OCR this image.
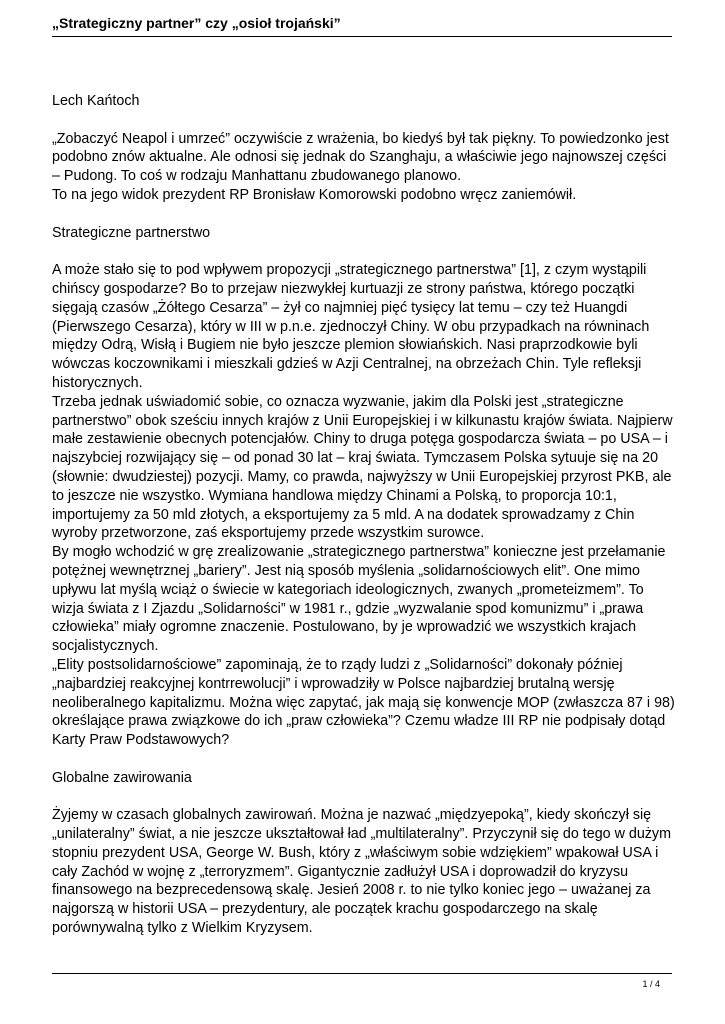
„Strategiczny partner” czy „osioł trojański”

Lech Kańtoch

„Zobaczyć Neapol i umrzeć” oczywiście z wrażenia, bo kiedyś był tak piękny. To powiedzonko jest podobno znów aktualne. Ale odnosi się jednak do Szanghaju, a właściwie jego najnowszej części – Pudong. To coś w rodzaju Manhattanu zbudowanego planowo.

To na jego widok prezydent RP Bronisław Komorowski podobno wręcz zaniemówił.

Strategiczne partnerstwo

A może stało się to pod wpływem propozycji „strategicznego partnerstwa” [1], z czym wystąpili chińscy gospodarze? Bo to przejaw niezwykłej kurtuazji ze strony państwa, którego początki sięgają czasów „Żółtego Cesarza” – żył co najmniej pięć tysięcy lat temu – czy też Huangdi (Pierwszego Cesarza), który w III w p.n.e. zjednoczył Chiny. W obu przypadkach na równinach między Odrą, Wisłą i Bugiem nie było jeszcze plemion słowiańskich. Nasi praprzodkowie byli wówczas koczownikami i mieszkali gdzieś w Azji Centralnej, na obrzeżach Chin. Tyle refleksji historycznych.

Trzeba jednak uświadomić sobie, co oznacza wyzwanie, jakim dla Polski jest „strategiczne partnerstwo” obok sześciu innych krajów z Unii Europejskiej i w kilkunastu krajów świata. Najpierw małe zestawienie obecnych potencjałów. Chiny to druga potęga gospodarcza świata – po USA – i najszybciej rozwijający się – od ponad 30 lat – kraj świata. Tymczasem Polska sytuuje się na 20 (słownie: dwudziestej) pozycji. Mamy, co prawda, najwyższy w Unii Europejskiej przyrost PKB, ale to jeszcze nie wszystko. Wymiana handlowa między Chinami a Polską, to proporcja 10:1, importujemy za 50 mld złotych, a eksportujemy za 5 mld. A na dodatek sprowadzamy z Chin wyroby przetworzone, zaś eksportujemy przede wszystkim surowce.

By mogło wchodzić w grę zrealizowanie „strategicznego partnerstwa” konieczne jest przełamanie potężnej wewnętrznej „bariery”. Jest nią sposób myślenia „solidarnościowych elit”. One mimo upływu lat myślą wciąż o świecie w kategoriach ideologicznych, zwanych „prometeizmem”. To wizja świata z I Zjazdu „Solidarności” w 1981 r., gdzie „wyzwalanie spod komunizmu” i „prawa człowieka” miały ogromne znaczenie. Postulowano, by je wprowadzić we wszystkich krajach socjalistycznych.

„Elity postsolidarnościowe” zapominają, że to rządy ludzi z „Solidarności” dokonały później „najbardziej reakcyjnej kontrrewolucji” i wprowadziły w Polsce najbardziej brutalną wersję neoliberalnego kapitalizmu. Można więc zapytać, jak mają się konwencje MOP (zwłaszcza 87 i 98) określające prawa związkowe do ich „praw człowieka”? Czemu władze III RP nie podpisały dotąd Karty Praw Podstawowych?

Globalne zawirowania

Żyjemy w czasach globalnych zawirowań. Można je nazwać „międzyepoką”, kiedy skończył się „unilateralny” świat, a nie jeszcze ukształtował ład „multilateralny”. Przyczynił się do tego w dużym stopniu prezydent USA, George W. Bush, który z „właściwym sobie wdziękiem” wpakował USA i cały Zachód w wojnę z „terroryzmem”. Gigantycznie zadłużył USA i doprowadził do kryzysu finansowego na bezprecedensową skalę. Jesień 2008 r. to nie tylko koniec jego – uważanej za najgorszą w historii USA – prezydentury, ale początek krachu gospodarczego na skalę porównywalną tylko z Wielkim Kryzysem.

1 / 4
